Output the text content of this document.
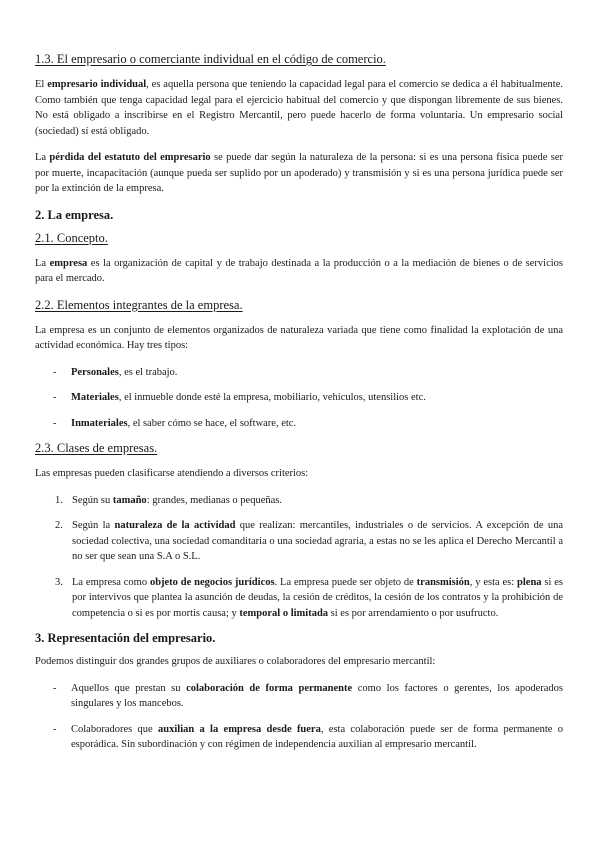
1.3. El empresario o comerciante individual en el código de comercio.

El empresario individual, es aquella persona que teniendo la capacidad legal para el comercio se dedica a él habitualmente. Como también que tenga capacidad legal para el ejercicio habitual del comercio y que dispongan libremente de sus bienes. No está obligado a inscribirse en el Registro Mercantil, pero puede hacerlo de forma voluntaria. Un empresario social (sociedad) sí está obligado.

La pérdida del estatuto del empresario se puede dar según la naturaleza de la persona: si es una persona física puede ser por muerte, incapacitación (aunque pueda ser suplido por un apoderado) y transmisión y si es una persona jurídica puede ser por la extinción de la empresa.

2. La empresa.
2.1. Concepto.

La empresa es la organización de capital y de trabajo destinada a la producción o a la mediación de bienes o de servicios para el mercado.

2.2. Elementos integrantes de la empresa.

La empresa es un conjunto de elementos organizados de naturaleza variada que tiene como finalidad la explotación de una actividad económica. Hay tres tipos:

- Personales, es el trabajo.
- Materiales, el inmueble donde esté la empresa, mobiliario, vehículos, utensilios etc.
- Inmateriales, el saber cómo se hace, el software, etc.
2.3. Clases de empresas.

Las empresas pueden clasificarse atendiendo a diversos criterios:

1. Según su tamaño: grandes, medianas o pequeñas.
2. Según la naturaleza de la actividad que realizan: mercantiles, industriales o de servicios. A excepción de una sociedad colectiva, una sociedad comanditaria o una sociedad agraria, a estas no se les aplica el Derecho Mercantil a no ser que sean una S.A o S.L.
3. La empresa como objeto de negocios jurídicos. La empresa puede ser objeto de transmisión, y esta es: plena si es por intervivos que plantea la asunción de deudas, la cesión de créditos, la cesión de los contratos y la prohibición de competencia o si es por mortis causa; y temporal o limitada si es por arrendamiento o por usufructo.
3. Representación del empresario.

Podemos distinguir dos grandes grupos de auxiliares o colaboradores del empresario mercantil:

- Aquellos que prestan su colaboración de forma permanente como los factores o gerentes, los apoderados singulares y los mancebos.
- Colaboradores que auxilian a la empresa desde fuera, esta colaboración puede ser de forma permanente o esporádica. Sin subordinación y con régimen de independencia auxilian al empresario mercantil.
